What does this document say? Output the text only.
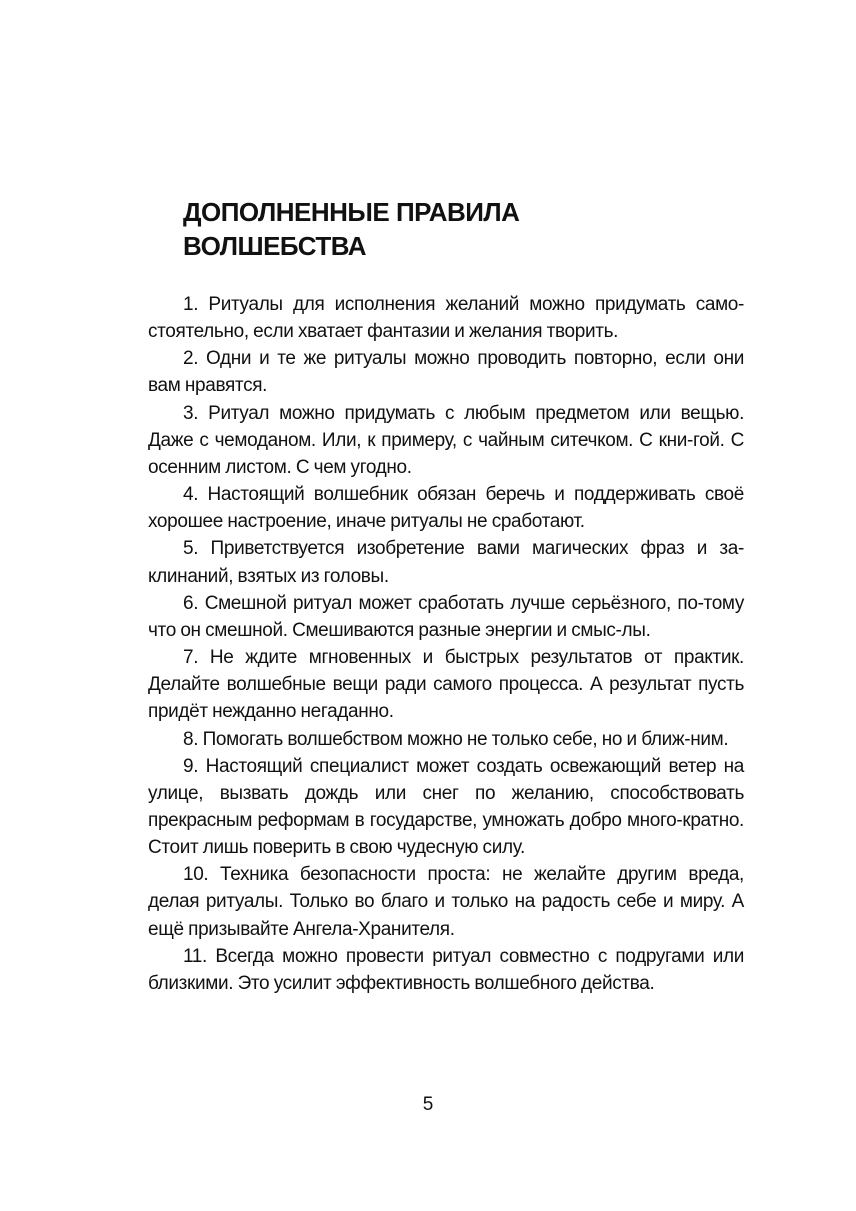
ДОПОЛНЕННЫЕ ПРАВИЛА
ВОЛШЕБСТВА

1. Ритуалы для исполнения желаний можно придумать само-стоятельно, если хватает фантазии и желания творить.

2. Одни и те же ритуалы можно проводить повторно, если они вам нравятся.

3. Ритуал можно придумать с любым предметом или вещью. Даже с чемоданом. Или, к примеру, с чайным ситечком. С кни-гой. С осенним листом. С чем угодно.

4. Настоящий волшебник обязан беречь и поддерживать своё хорошее настроение, иначе ритуалы не сработают.

5. Приветствуется изобретение вами магических фраз и за-клинаний, взятых из головы.

6. Смешной ритуал может сработать лучше серьёзного, по-тому что он смешной. Смешиваются разные энергии и смыс-лы.

7. Не ждите мгновенных и быстрых результатов от практик. Делайте волшебные вещи ради самого процесса. А результат пусть придёт нежданно негаданно.

8. Помогать волшебством можно не только себе, но и ближ-ним.

9. Настоящий специалист может создать освежающий ветер на улице, вызвать дождь или снег по желанию, способствовать прекрасным реформам в государстве, умножать добро много-кратно. Стоит лишь поверить в свою чудесную силу.

10. Техника безопасности проста: не желайте другим вреда, делая ритуалы. Только во благо и только на радость себе и миру. А ещё призывайте Ангела-Хранителя.

11. Всегда можно провести ритуал совместно с подругами или близкими. Это усилит эффективность волшебного действа.

5
